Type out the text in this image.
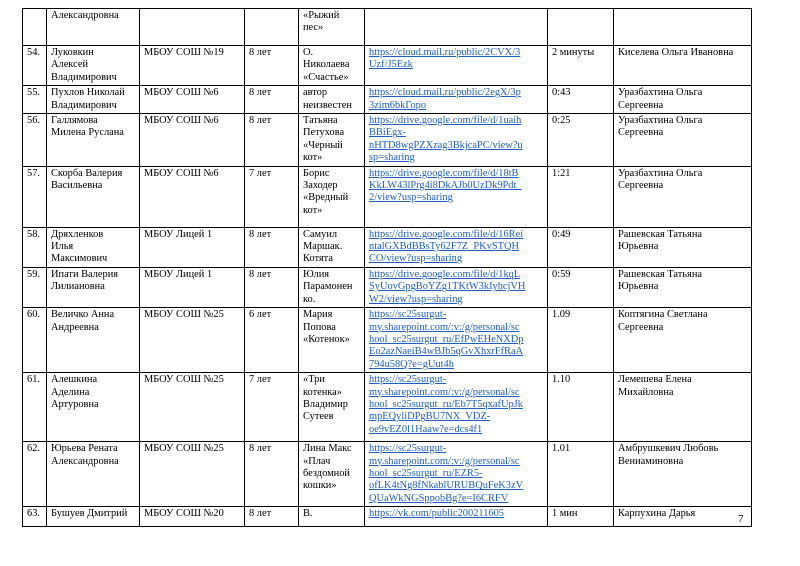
	Александровна			«Рыжий
пес»			

54.	Луковкин
Алексей
Владимирович	МБОУ СОШ №19	8 лет	О.
Николаева
«Счастье»	https://cloud.mail.ru/public/2CVX/3
Uzf/J5Ezk	2 минуты	Киселева Ольга Ивановна

55.	Пухлов Николай
Владимирович	МБОУ СОШ №6	8 лет	автор
неизвестен	https://cloud.mail.ru/public/2egX/3p
3zim6bkГоро	0:43	Уразбахтина Ольга
Сергеевна

56.	Галлямова
Милена Руслана	МБОУ СОШ №6	8 лет	Татьяна
Петухова
«Черный
кот»	https://drive.google.com/file/d/1uaih
BBiEgx-
nHTD8wgPZXzag3BkjcaPC/view?u
sp=sharing	0:25	Уразбахтина Ольга
Сергеевна

57.	Скорба Валерия
Васильевна	МБОУ СОШ №6	7 лет	Борис
Заходер
«Вредный
кот»	https://drive.google.com/file/d/18tB
KkLW43lPrg4i8DkAJb0UzDk9Pdt_
2/view?usp=sharing	1:21	Уразбахтина Ольга
Сергеевна

58.	Дряхленков
Илья
Максимович	МБОУ Лицей 1	8 лет	Самуил
Маршак.
Котята	https://drive.google.com/file/d/16Rei
ntalGXBdBBsTy62F7Z_PKvSTQH
CO/view?usp=sharing	0:49	Рашевская Татьяна
Юрьевна

59.	Ипати Валерия
Лилиановна	МБОУ Лицей 1	8 лет	Юлия
Парамонен
ко.	https://drive.google.com/file/d/1kqL
SyUovGpgBoYZg1TKtW3kIyhcjVH
W2/view?usp=sharing	0:59	Рашевская Татьяна
Юрьевна

60.	Величко Анна
Андреевна	МБОУ СОШ №25	6 лет	Мария
Попова
«Котенок»	https://sc25surgut-
my.sharepoint.com/:v:/g/personal/sc
hool_sc25surgut_ru/EfPwEHeNXDp
Eo2azNaeiB4wBJb5qGvXhxrFfRaA
794u58Q?e=gUut4h	1.09	Коптягина Светлана
Сергеевна

61.	Алешкина
Аделина
Артуровна	МБОУ СОШ №25	7 лет	«Три
котенка»
Владимир
Сутеев	https://sc25surgut-
my.sharepoint.com/:v:/g/personal/sc
hool_sc25surgut_ru/Eb7T5qxafUpJk
mpEQyliDPgBU7NX_VDZ-
oe9vEZ0l1Haaw?e=dcs4f1	1.10	Лемешева Елена
Михайловна

62.	Юрьева Рената
Александровна	МБОУ СОШ №25	8 лет	Лина Макс
«Плач
бездомной
кошки»	https://sc25surgut-
my.sharepoint.com/:v:/g/personal/sc
hool_sc25surgut_ru/EZR5-
ofLK4tNg8fNkablURUBQuFeK3zV
QUaWkNGSppobBg?e=I6CRFV	1.01	Амбрушкевич Любовь
Вениаминовна

63.	Бушуев Дмитрий	МБОУ СОШ №20	8 лет	В.	https://vk.com/public200211605	1 мин	Карпухина Дарья	7
